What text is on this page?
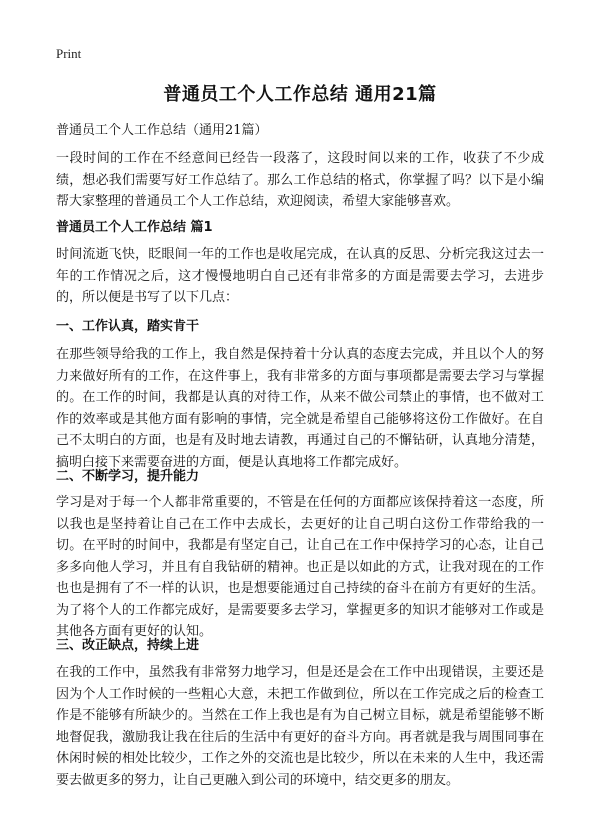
Print
普通员工个人工作总结 通用21篇
普通员工个人工作总结（通用21篇）

一段时间的工作在不经意间已经告一段落了，这段时间以来的工作，收获了不少成绩，想必我们需要写好工作总结了。那么工作总结的格式，你掌握了吗？以下是小编帮大家整理的普通员工个人工作总结，欢迎阅读，希望大家能够喜欢。

普通员工个人工作总结 篇1

时间流逝飞快，眨眼间一年的工作也是收尾完成，在认真的反思、分析完我这过去一年的工作情况之后，这才慢慢地明白自己还有非常多的方面是需要去学习，去进步的，所以便是书写了以下几点：

一、工作认真，踏实肯干

在那些领导给我的工作上，我自然是保持着十分认真的态度去完成，并且以个人的努力来做好所有的工作，在这件事上，我有非常多的方面与事项都是需要去学习与掌握的。在工作的时间，我都是认真的对待工作，从来不做公司禁止的事情，也不做对工作的效率或是其他方面有影响的事情，完全就是希望自己能够将这份工作做好。在自己不太明白的方面，也是有及时地去请教，再通过自己的不懈钻研，认真地分清楚，搞明白接下来需要奋进的方面，便是认真地将工作都完成好。

二、不断学习，提升能力

学习是对于每一个人都非常重要的，不管是在任何的方面都应该保持着这一态度，所以我也是坚持着让自己在工作中去成长，去更好的让自己明白这份工作带给我的一切。在平时的时间中，我都是有坚定自己，让自己在工作中保持学习的心态，让自己多多向他人学习，并且有自我钻研的精神。也正是以如此的方式，让我对现在的工作也也是拥有了不一样的认识，也是想要能通过自己持续的奋斗在前方有更好的生活。为了将个人的工作都完成好，是需要要多去学习，掌握更多的知识才能够对工作或是其他各方面有更好的认知。

三、改正缺点，持续上进

在我的工作中，虽然我有非常努力地学习，但是还是会在工作中出现错误，主要还是因为个人工作时候的一些粗心大意，未把工作做到位，所以在工作完成之后的检查工作是不能够有所缺少的。当然在工作上我也是有为自己树立目标，就是希望能够不断地督促我，激励我让我在往后的生活中有更好的奋斗方向。再者就是我与周围同事在休闲时候的相处比较少，工作之外的交流也是比较少，所以在未来的人生中，我还需要去做更多的努力，让自己更融入到公司的环境中，结交更多的朋友。
